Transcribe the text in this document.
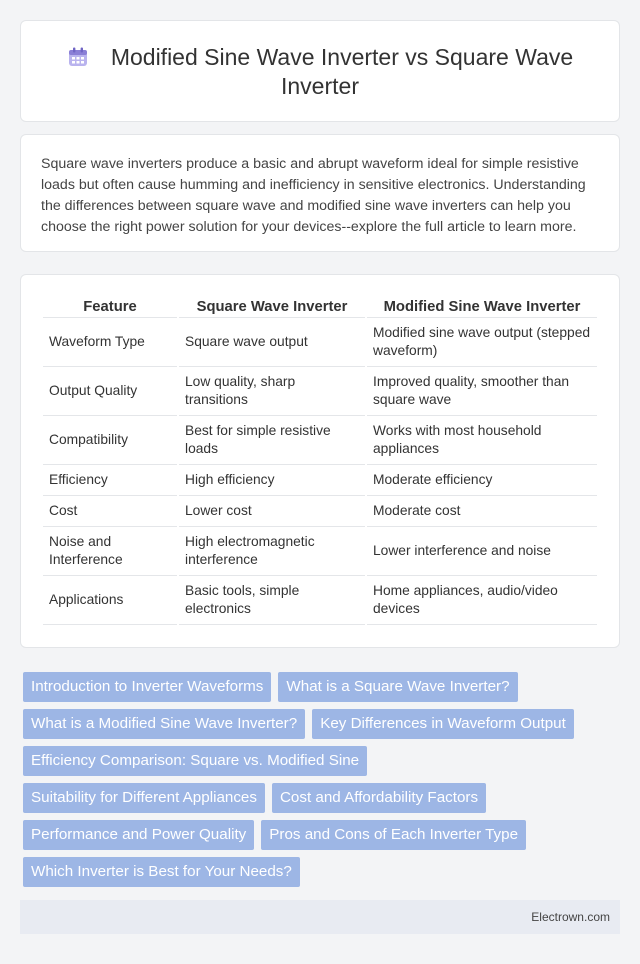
Modified Sine Wave Inverter vs Square Wave Inverter

Square wave inverters produce a basic and abrupt waveform ideal for simple resistive loads but often cause humming and inefficiency in sensitive electronics. Understanding the differences between square wave and modified sine wave inverters can help you choose the right power solution for your devices--explore the full article to learn more.

Feature	Square Wave Inverter	Modified Sine Wave Inverter
Waveform Type	Square wave output	Modified sine wave output (stepped waveform)
Output Quality	Low quality, sharp transitions	Improved quality, smoother than square wave
Compatibility	Best for simple resistive loads	Works with most household appliances
Efficiency	High efficiency	Moderate efficiency
Cost	Lower cost	Moderate cost
Noise and Interference	High electromagnetic interference	Lower interference and noise
Applications	Basic tools, simple electronics	Home appliances, audio/video devices
Introduction to Inverter Waveforms	What is a Square Wave Inverter?
What is a Modified Sine Wave Inverter?	Key Differences in Waveform Output
Efficiency Comparison: Square vs. Modified Sine
Suitability for Different Appliances	Cost and Affordability Factors
Performance and Power Quality	Pros and Cons of Each Inverter Type
Which Inverter is Best for Your Needs?
Electrown.com
